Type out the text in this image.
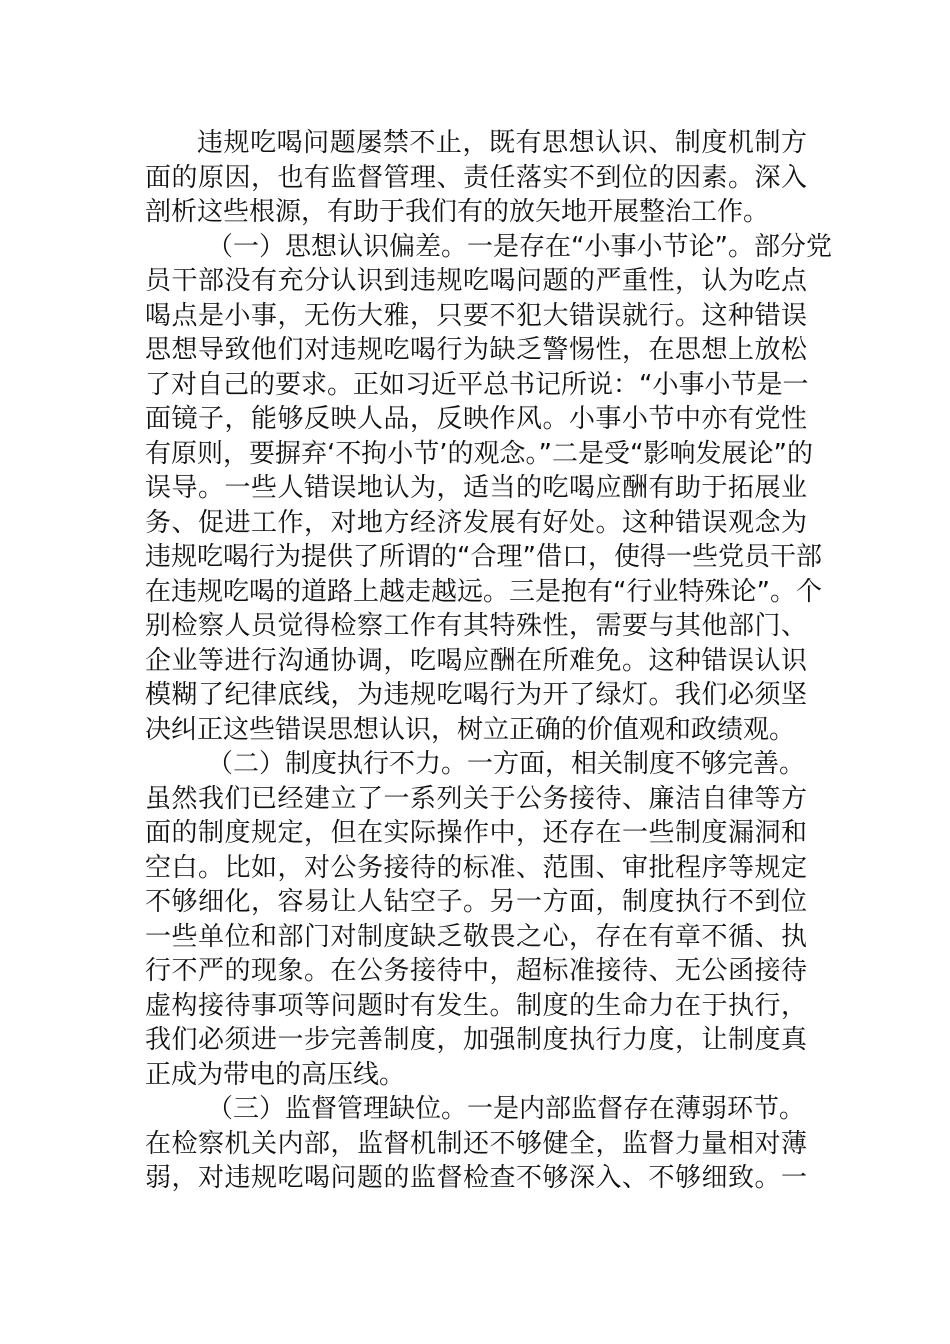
违规吃喝问题屡禁不止，既有思想认识、制度机制方
面的原因，也有监督管理、责任落实不到位的因素。深入
剖析这些根源，有助于我们有的放矢地开展整治工作。
（一）思想认识偏差。一是存在“小事小节论”。部分党
员干部没有充分认识到违规吃喝问题的严重性，认为吃点
喝点是小事，无伤大雅，只要不犯大错误就行。这种错误
思想导致他们对违规吃喝行为缺乏警惕性，在思想上放松
了对自己的要求。正如习近平总书记所说：“小事小节是一
面镜子，能够反映人品，反映作风。小事小节中亦有党性
有原则，要摒弃‘不拘小节’的观念。”二是受“影响发展论”的
误导。一些人错误地认为，适当的吃喝应酬有助于拓展业
务、促进工作，对地方经济发展有好处。这种错误观念为
违规吃喝行为提供了所谓的“合理”借口，使得一些党员干部
在违规吃喝的道路上越走越远。三是抱有“行业特殊论”。个
别检察人员觉得检察工作有其特殊性，需要与其他部门、
企业等进行沟通协调，吃喝应酬在所难免。这种错误认识
模糊了纪律底线，为违规吃喝行为开了绿灯。我们必须坚
决纠正这些错误思想认识，树立正确的价值观和政绩观。
（二）制度执行不力。一方面，相关制度不够完善。
虽然我们已经建立了一系列关于公务接待、廉洁自律等方
面的制度规定，但在实际操作中，还存在一些制度漏洞和
空白。比如，对公务接待的标准、范围、审批程序等规定
不够细化，容易让人钻空子。另一方面，制度执行不到位
一些单位和部门对制度缺乏敬畏之心，存在有章不循、执
行不严的现象。在公务接待中，超标准接待、无公函接待
虚构接待事项等问题时有发生。制度的生命力在于执行，
我们必须进一步完善制度，加强制度执行力度，让制度真
正成为带电的高压线。
（三）监督管理缺位。一是内部监督存在薄弱环节。
在检察机关内部，监督机制还不够健全，监督力量相对薄
弱，对违规吃喝问题的监督检查不够深入、不够细致。一
